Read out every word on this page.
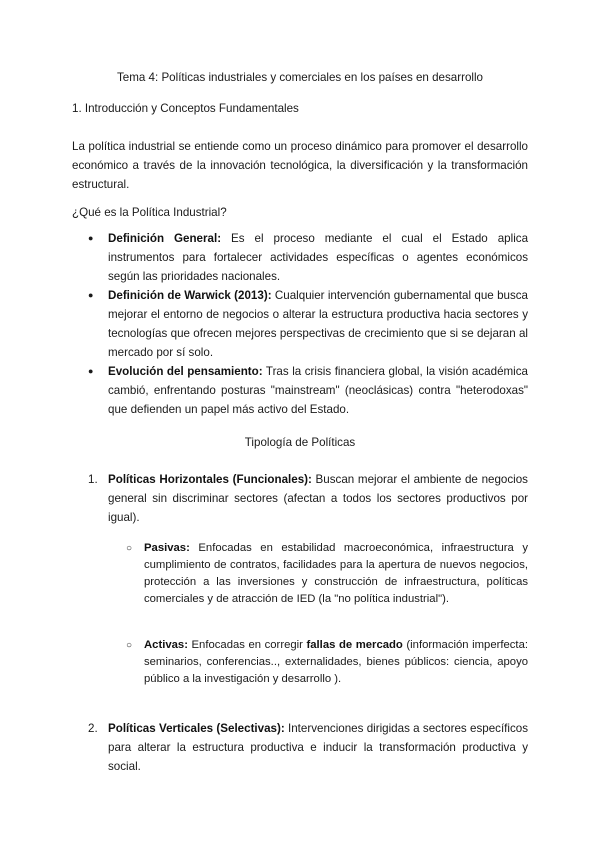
Tema 4: Políticas industriales y comerciales en los países en desarrollo
1. Introducción y Conceptos Fundamentales
La política industrial se entiende como un proceso dinámico para promover el desarrollo económico a través de la innovación tecnológica, la diversificación y la transformación estructural.
¿Qué es la Política Industrial?
● Definición General: Es el proceso mediante el cual el Estado aplica instrumentos para fortalecer actividades específicas o agentes económicos según las prioridades nacionales.
● Definición de Warwick (2013): Cualquier intervención gubernamental que busca mejorar el entorno de negocios o alterar la estructura productiva hacia sectores y tecnologías que ofrecen mejores perspectivas de crecimiento que si se dejaran al mercado por sí solo.
● Evolución del pensamiento: Tras la crisis financiera global, la visión académica cambió, enfrentando posturas "mainstream" (neoclásicas) contra "heterodoxas" que defienden un papel más activo del Estado.
Tipología de Políticas
1. Políticas Horizontales (Funcionales): Buscan mejorar el ambiente de negocios general sin discriminar sectores (afectan a todos los sectores productivos por igual).
○ Pasivas: Enfocadas en estabilidad macroeconómica, infraestructura y cumplimiento de contratos, facilidades para la apertura de nuevos negocios, protección a las inversiones y construcción de infraestructura, políticas comerciales y de atracción de IED (la "no política industrial").
○ Activas: Enfocadas en corregir fallas de mercado (información imperfecta: seminarios, conferencias.., externalidades, bienes públicos: ciencia, apoyo público a la investigación y desarrollo ).
2. Políticas Verticales (Selectivas): Intervenciones dirigidas a sectores específicos para alterar la estructura productiva e inducir la transformación productiva y social.
